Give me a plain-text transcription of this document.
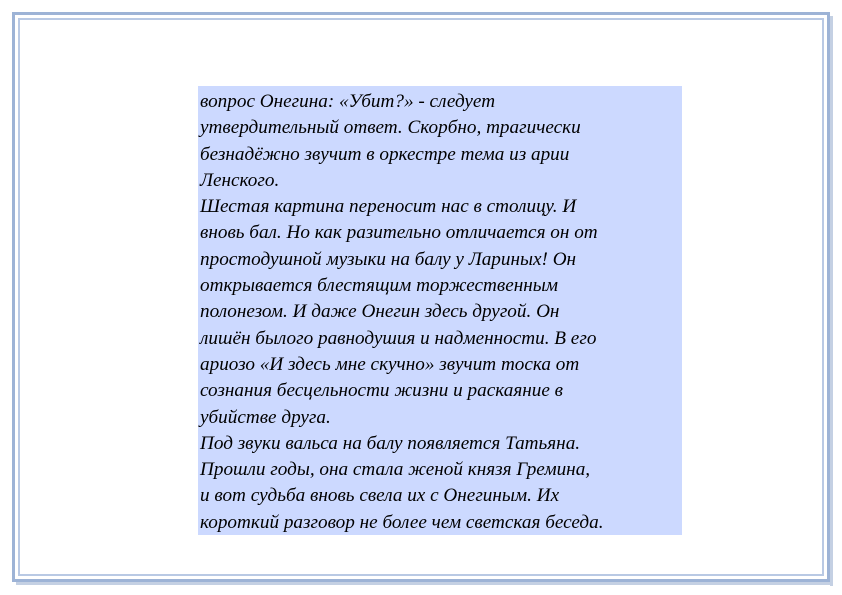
вопрос Онегина: «Убит?» - следует
утвердительный ответ. Скорбно, трагически
безнадёжно звучит в оркестре тема из арии
Ленского.
Шестая картина переносит нас в столицу. И
вновь бал. Но как разительно отличается он от
простодушной музыки на балу у Лариных! Он
открывается блестящим торжественным
полонезом. И даже Онегин здесь другой. Он
лишён былого равнодушия и надменности. В его
ариозо «И здесь мне скучно» звучит тоска от
сознания бесцельности жизни и раскаяние в
убийстве друга.
Под звуки вальса на балу появляется Татьяна.
Прошли годы, она стала женой князя Гремина,
и вот судьба вновь свела их с Онегиным. Их
короткий разговор не более чем светская беседа.
